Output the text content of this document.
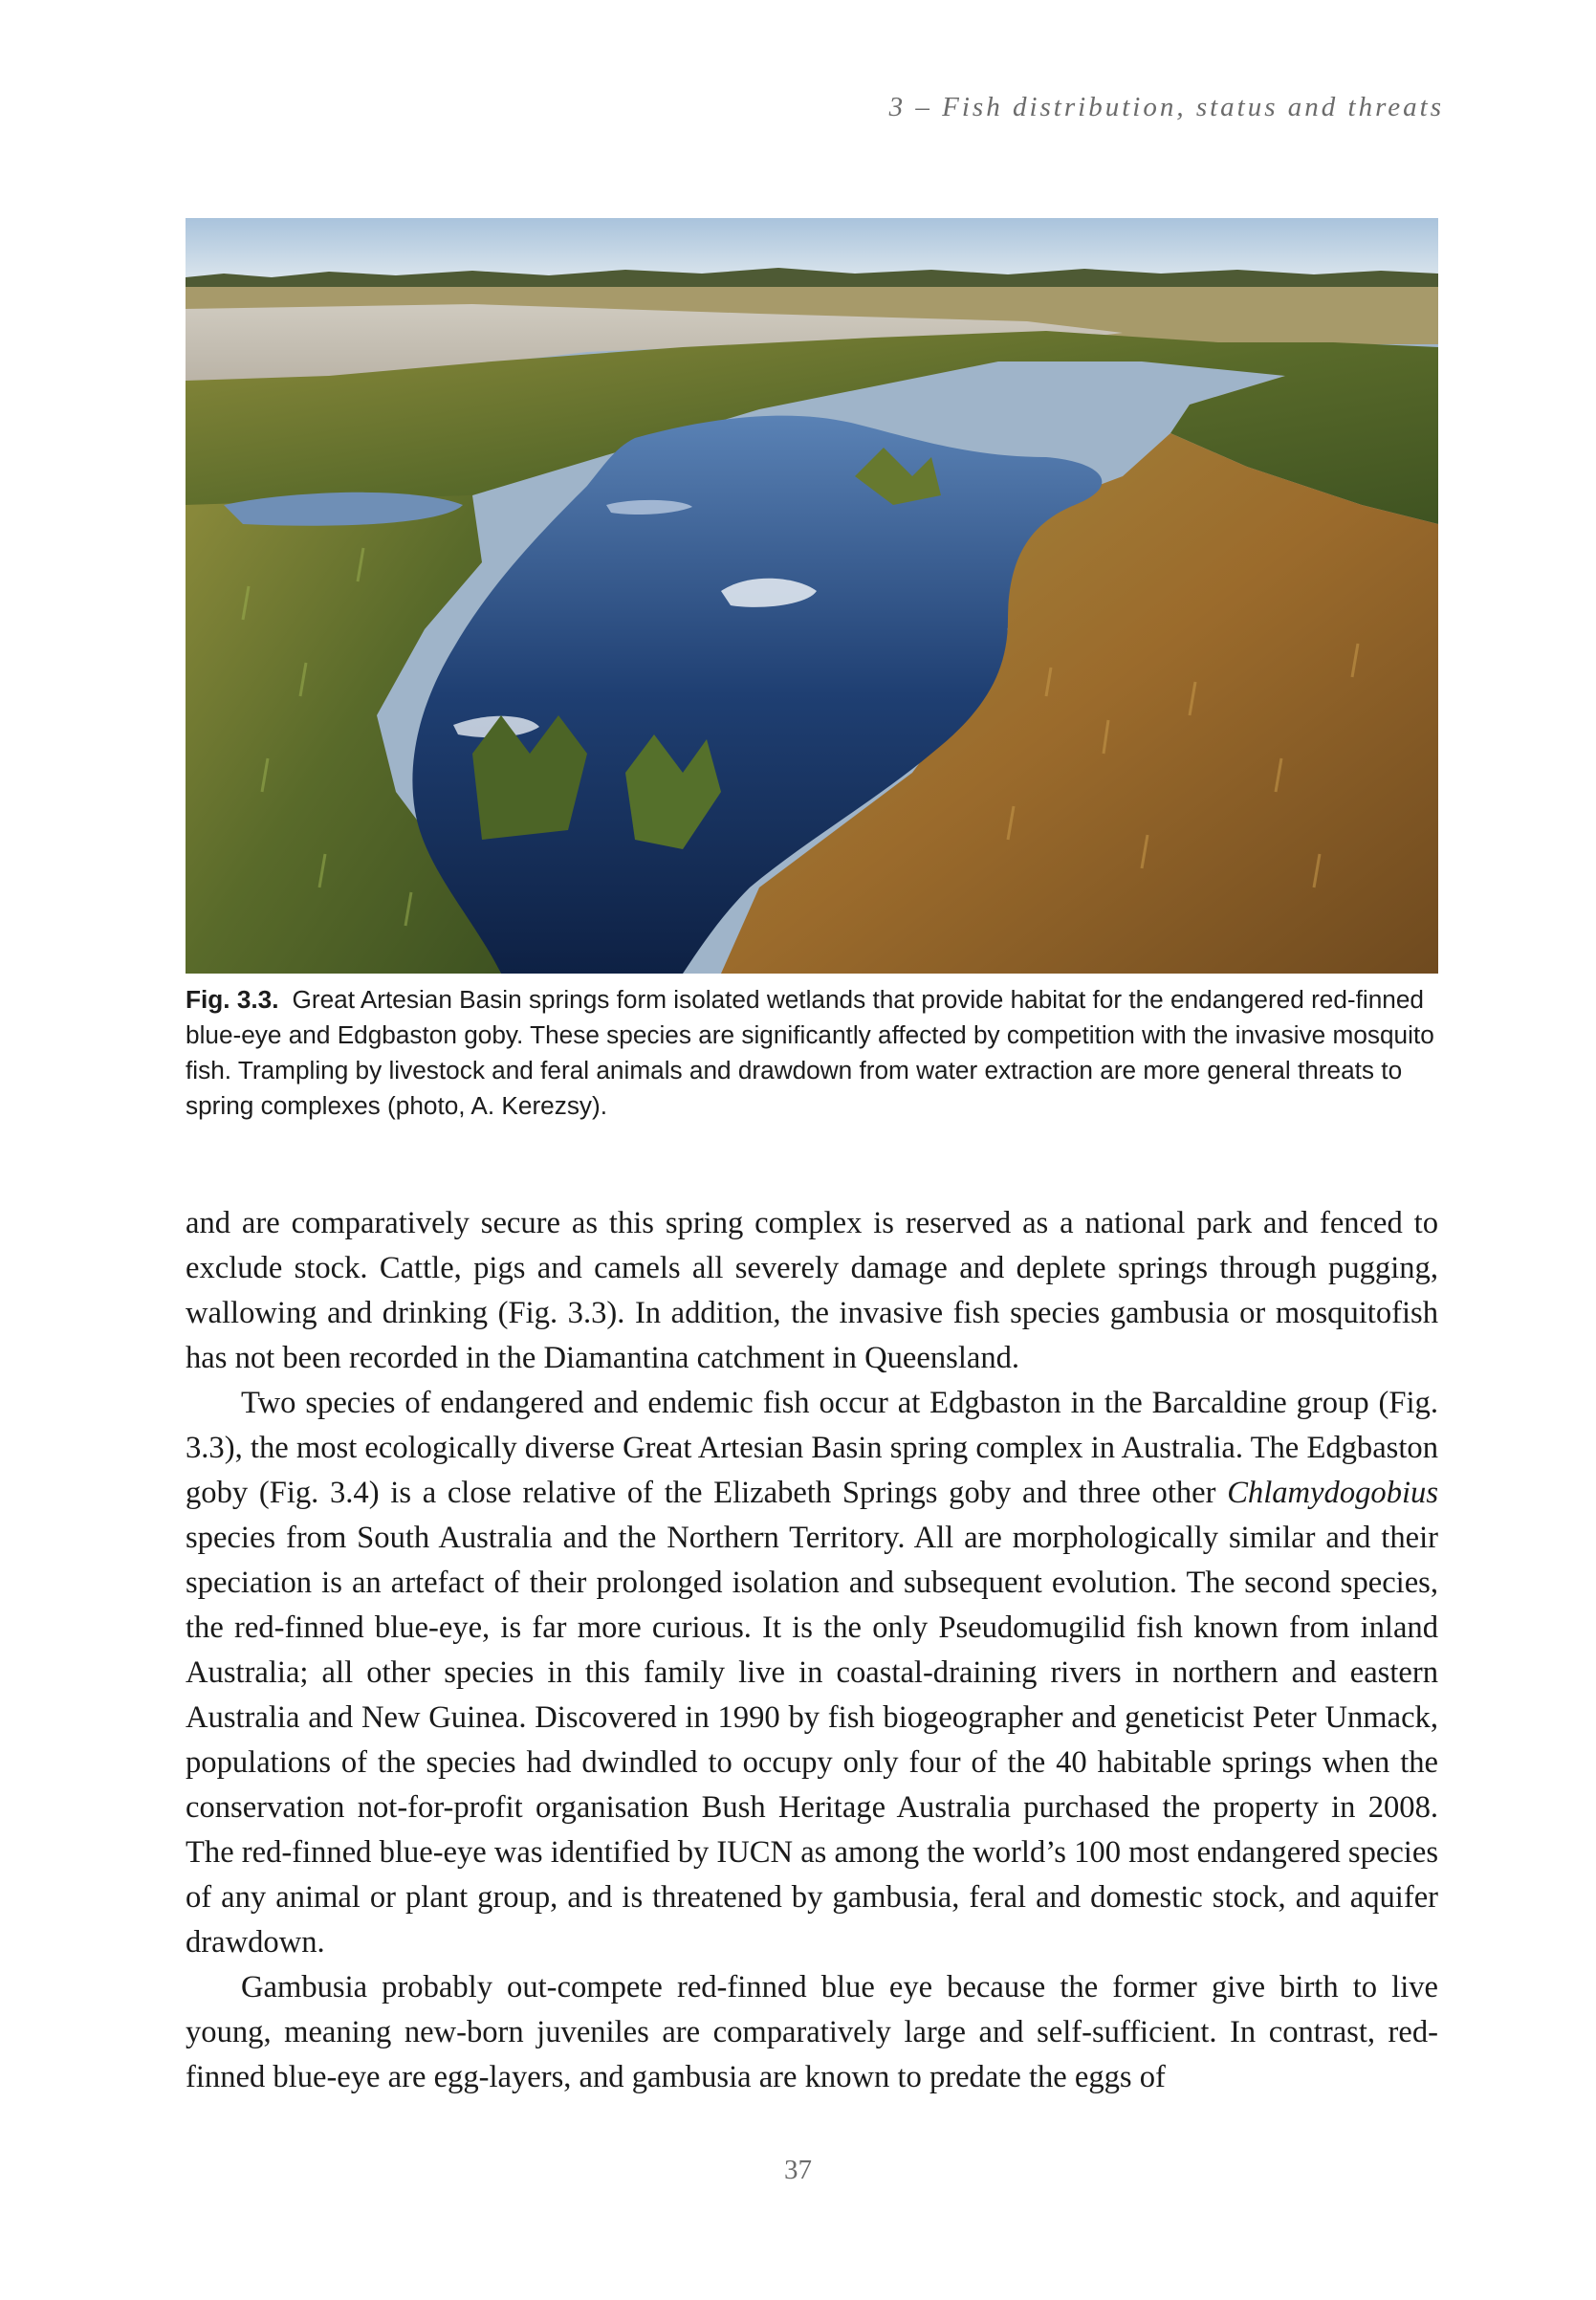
3 – Fish distribution, status and threats
Fig. 3.3. Great Artesian Basin springs form isolated wetlands that provide habitat for the endangered red-finned blue-eye and Edgbaston goby. These species are significantly affected by competition with the invasive mosquito fish. Trampling by livestock and feral animals and drawdown from water extraction are more general threats to spring complexes (photo, A. Kerezsy).

and are comparatively secure as this spring complex is reserved as a national park and fenced to exclude stock. Cattle, pigs and camels all severely damage and deplete springs through pugging, wallowing and drinking (Fig. 3.3). In addition, the invasive fish species gambusia or mosquitofish has not been recorded in the Diamantina catchment in Queensland.

Two species of endangered and endemic fish occur at Edgbaston in the Barcaldine group (Fig. 3.3), the most ecologically diverse Great Artesian Basin spring complex in Australia. The Edgbaston goby (Fig. 3.4) is a close relative of the Elizabeth Springs goby and three other Chlamydogobius species from South Australia and the Northern Territory. All are morphologically similar and their speciation is an artefact of their prolonged isolation and subsequent evolution. The second species, the red-finned blue-eye, is far more curious. It is the only Pseudomugilid fish known from inland Australia; all other species in this family live in coastal-draining rivers in northern and eastern Australia and New Guinea. Discovered in 1990 by fish biogeographer and geneticist Peter Unmack, populations of the species had dwindled to occupy only four of the 40 habitable springs when the conservation not-for-profit organisation Bush Heritage Australia purchased the property in 2008. The red-finned blue-eye was identified by IUCN as among the world’s 100 most endangered species of any animal or plant group, and is threatened by gambusia, feral and domestic stock, and aquifer drawdown.

Gambusia probably out-compete red-finned blue eye because the former give birth to live young, meaning new-born juveniles are comparatively large and self-sufficient. In contrast, red-finned blue-eye are egg-layers, and gambusia are known to predate the eggs of

37
